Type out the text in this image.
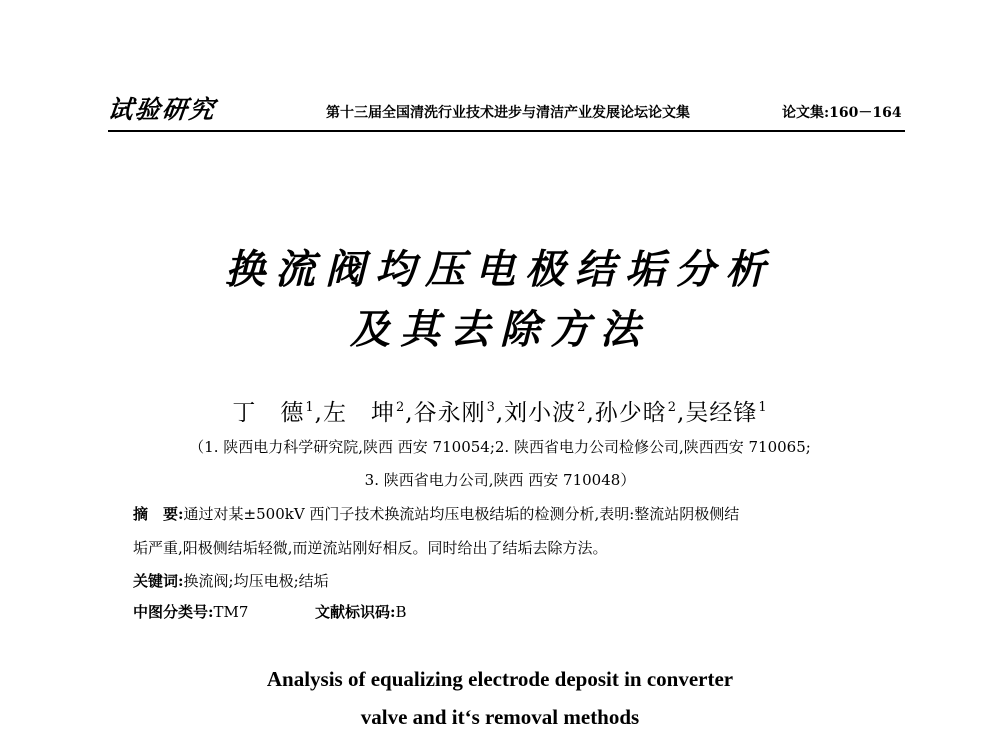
试验研究	第十三届全国清洗行业技术进步与清洁产业发展论坛论文集	论文集:160－164
换流阀均压电极结垢分析
及其去除方法
丁　德$^1$,左　坤$^2$,谷永刚$^3$,刘小波$^2$,孙少晗$^2$,吴经锋$^1$
（1. 陕西电力科学研究院,陕西 西安 710054;2. 陕西省电力公司检修公司,陕西西安 710065;
3. 陕西省电力公司,陕西 西安 710048）
摘　要:通过对某±500kV 西门子技术换流站均压电极结垢的检测分析,表明:整流站阴极侧结
垢严重,阳极侧结垢轻微,而逆流站刚好相反。同时给出了结垢去除方法。
关键词:换流阀;均压电极;结垢
中图分类号:TM7	文献标识码:B
Analysis of equalizing electrode deposit in converter
valve and it‘s removal methods
